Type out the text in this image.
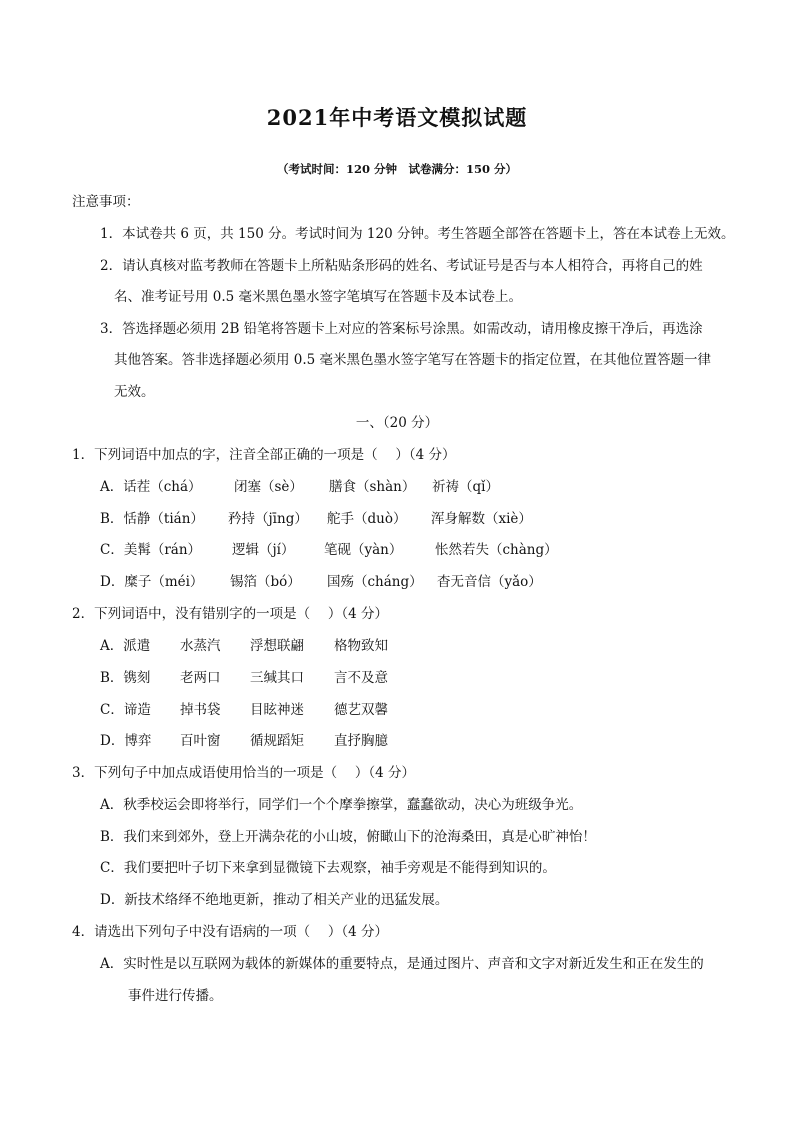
2021年中考语文模拟试题
（考试时间：120 分钟　试卷满分：150 分）
注意事项：
1．本试卷共 6 页，共 150 分。考试时间为 120 分钟。考生答题全部答在答题卡上，答在本试卷上无效。
2．请认真核对监考教师在答题卡上所粘贴条形码的姓名、考试证号是否与本人相符合，再将自己的姓
名、准考证号用 0.5 毫米黑色墨水签字笔填写在答题卡及本试卷上。
3．答选择题必须用 2B 铅笔将答题卡上对应的答案标号涂黑。如需改动，请用橡皮擦干净后，再选涂
其他答案。答非选择题必须用 0.5 毫米黑色墨水签字笔写在答题卡的指定位置，在其他位置答题一律
无效。
一、（20 分）
1．下列词语中加点的字，注音全部正确的一项是（　 ）（4 分）
A．话茬（chá） 闭塞（sè） 膳食（shàn） 祈祷（qǐ）
B．恬静（tián） 矜持（jīng） 舵手（duò） 浑身解数（xiè）
C．美髯（rán） 逻辑（jí） 笔砚（yàn） 怅然若失（chàng）
D．糜子（méi） 锡箔（bó） 国殇（cháng） 杳无音信（yǎo）
2．下列词语中，没有错别字的一项是（　 ）（4 分）
A．派遣 水蒸汽 浮想联翩 格物致知
B．镌刻 老两口 三缄其口 言不及意
C．谛造 掉书袋 目眩神迷 德艺双馨
D．博弈 百叶窗 循规蹈矩 直抒胸臆
3．下列句子中加点成语使用恰当的一项是（　 ）（4 分）
A．秋季校运会即将举行，同学们一个个摩拳擦掌，蠢蠢欲动，决心为班级争光。
B．我们来到郊外，登上开满杂花的小山坡，俯瞰山下的沧海桑田，真是心旷神怡！
C．我们要把叶子切下来拿到显微镜下去观察，袖手旁观是不能得到知识的。
D．新技术络绎不绝地更新，推动了相关产业的迅猛发展。
4．请选出下列句子中没有语病的一项（　 ）（4 分）
A．实时性是以互联网为载体的新媒体的重要特点，是通过图片、声音和文字对新近发生和正在发生的
事件进行传播。
